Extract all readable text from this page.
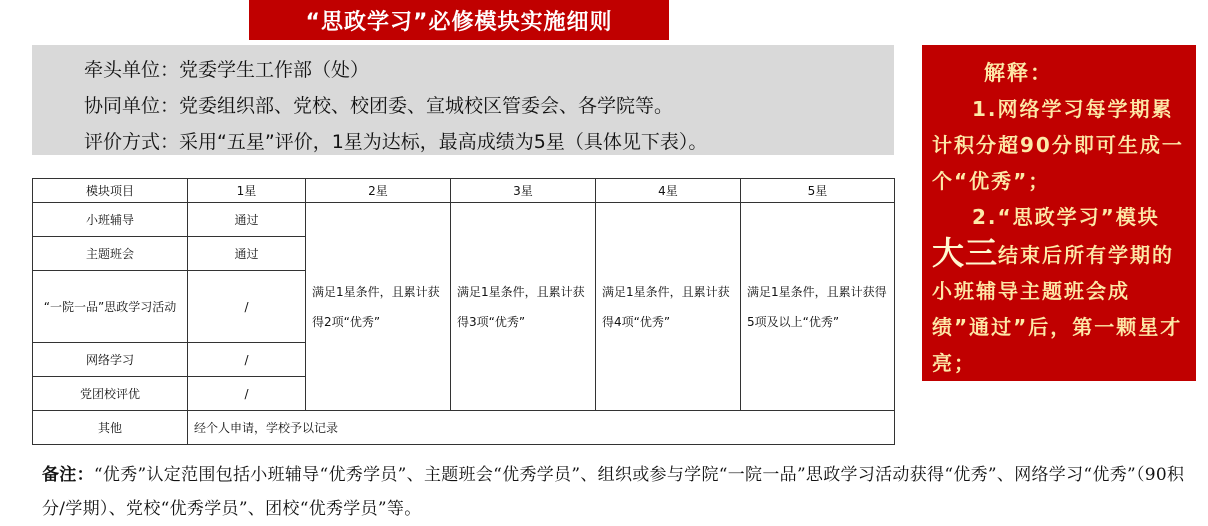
“思政学习”必修模块实施细则
牵头单位：党委学生工作部（处）
协同单位：党委组织部、党校、校团委、宣城校区管委会、各学院等。
评价方式：采用“五星”评价，1星为达标，最高成绩为5星（具体见下表）。
解释：

1.网络学习每学期累计积分超90分即可生成一个“优秀”；

2.“思政学习”模块大三结束后所有学期的小班辅导主题班会成绩”通过”后，第一颗星才亮；

模块项目	1星	2星	3星	4星	5星
小班辅导	通过	满足1星条件，且累计获得2项“优秀”	满足1星条件，且累计获得3项“优秀”	满足1星条件，且累计获得4项“优秀”	满足1星条件，且累计获得5项及以上“优秀”
主题班会	通过				
“一院一品”思政学习活动	/				
网络学习	/				
党团校评优	/				
其他	经个人申请，学校予以记录				
备注：“优秀”认定范围包括小班辅导“优秀学员”、主题班会“优秀学员”、组织或参与学院“一院一品”思政学习活动获得“优秀”、网络学习“优秀”（90积分/学期）、党校“优秀学员”、团校“优秀学员”等。
